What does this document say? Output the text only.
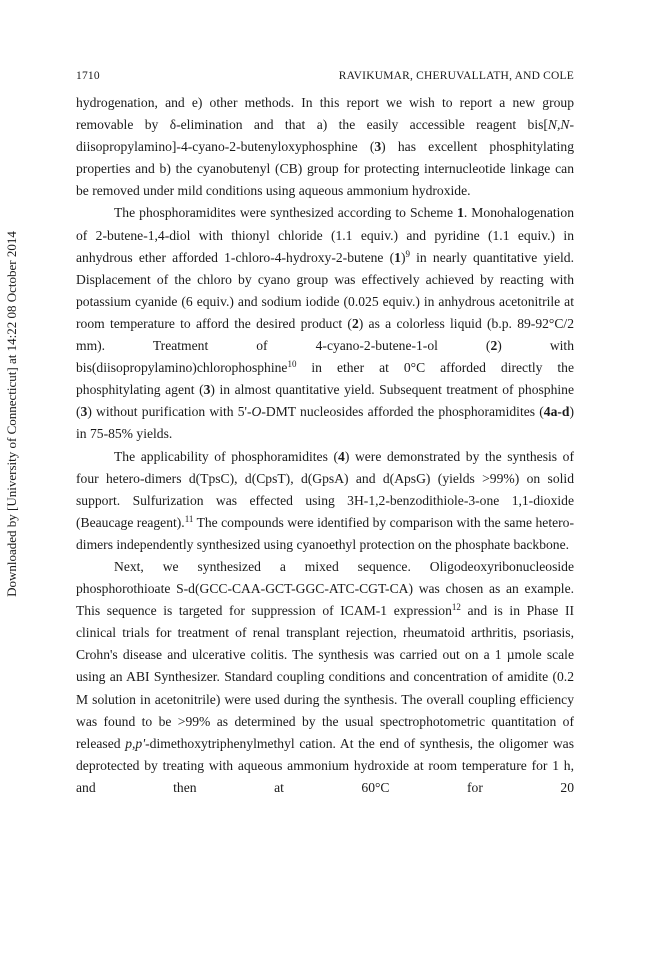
Downloaded by [University of Connecticut] at 14:22 08 October 2014
1710	RAVIKUMAR, CHERUVALLATH, AND COLE

hydrogenation, and e) other methods. In this report we wish to report a new group removable by δ-elimination and that a) the easily accessible reagent bis[N,N-diisopropylamino]-4-cyano-2-butenyloxyphosphine (3) has excellent phosphitylating properties and b) the cyanobutenyl (CB) group for protecting internucleotide linkage can be removed under mild conditions using aqueous ammonium hydroxide.

The phosphoramidites were synthesized according to Scheme 1. Monohalogenation of 2-butene-1,4-diol with thionyl chloride (1.1 equiv.) and pyridine (1.1 equiv.) in anhydrous ether afforded 1-chloro-4-hydroxy-2-butene $(1)^9$ in nearly quantitative yield. Displacement of the chloro by cyano group was effectively achieved by reacting with potassium cyanide (6 equiv.) and sodium iodide (0.025 equiv.) in anhydrous acetonitrile at room temperature to afford the desired product (2) as a colorless liquid (b.p. 89-92°C/2 mm). Treatment of 4-cyano-2-butene-1-ol (2) with bis(diisopropylamino)chlorophosphine$^{10}$ in ether at 0°C afforded directly the phosphitylating agent (3) in almost quantitative yield. Subsequent treatment of phosphine (3) without purification with 5'-O-DMT nucleosides afforded the phosphoramidites (4a-d) in 75-85% yields.

The applicability of phosphoramidites (4) were demonstrated by the synthesis of four hetero-dimers d(TpsC), d(CpsT), d(GpsA) and d(ApsG) (yields >99%) on solid support. Sulfurization was effected using 3H-1,2-benzodithiole-3-one 1,1-dioxide (Beaucage reagent).$^{11}$ The compounds were identified by comparison with the same hetero-dimers independently synthesized using cyanoethyl protection on the phosphate backbone.

Next, we synthesized a mixed sequence. Oligodeoxyribonucleoside phosphorothioate S-d(GCC-CAA-GCT-GGC-ATC-CGT-CA) was chosen as an example. This sequence is targeted for suppression of ICAM-1 expression$^{12}$ and is in Phase II clinical trials for treatment of renal transplant rejection, rheumatoid arthritis, psoriasis, Crohn's disease and ulcerative colitis. The synthesis was carried out on a 1 µmole scale using an ABI Synthesizer. Standard coupling conditions and concentration of amidite (0.2 M solution in acetonitrile) were used during the synthesis. The overall coupling efficiency was found to be >99% as determined by the usual spectrophotometric quantitation of released p,p'-dimethoxytriphenylmethyl cation. At the end of synthesis, the oligomer was deprotected by treating with aqueous ammonium hydroxide at room temperature for 1 h, and then at 60°C for 20
